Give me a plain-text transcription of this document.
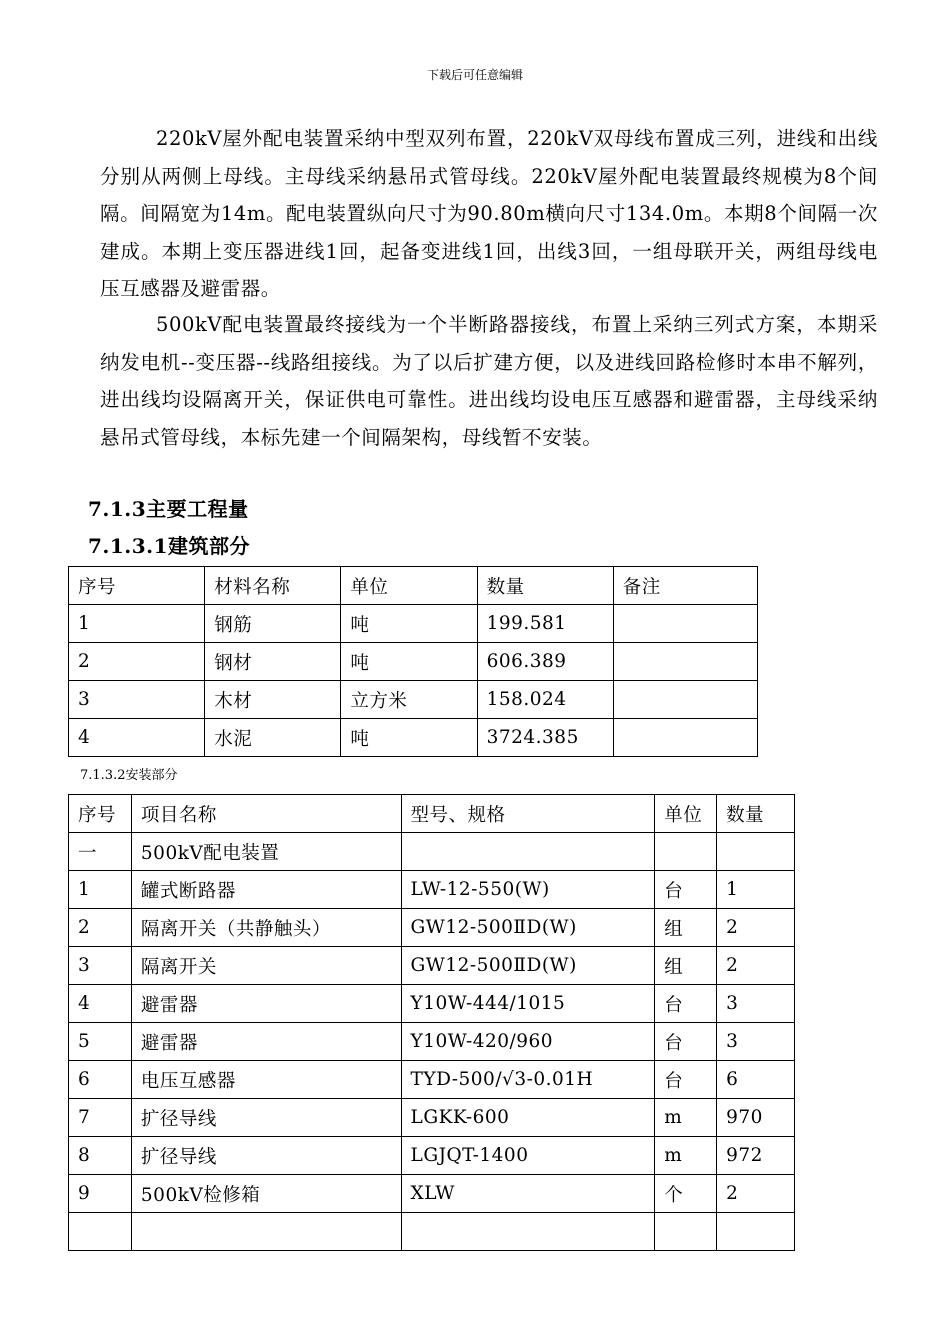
下载后可任意编辑

220kV屋外配电装置采纳中型双列布置，220kV双母线布置成三列，进线和出线分别从两侧上母线。主母线采纳悬吊式管母线。220kV屋外配电装置最终规模为8个间隔。间隔宽为14m。配电装置纵向尺寸为90.80m横向尺寸134.0m。本期8个间隔一次建成。本期上变压器进线1回，起备变进线1回，出线3回，一组母联开关，两组母线电压互感器及避雷器。

500kV配电装置最终接线为一个半断路器接线，布置上采纳三列式方案，本期采纳发电机--变压器--线路组接线。为了以后扩建方便，以及进线回路检修时本串不解列，进出线均设隔离开关，保证供电可靠性。进出线均设电压互感器和避雷器，主母线采纳悬吊式管母线，本标先建一个间隔架构，母线暂不安装。

7.1.3主要工程量
7.1.3.1建筑部分
序号	材料名称	单位	数量	备注
1	钢筋	吨	199.581	
2	钢材	吨	606.389	
3	木材	立方米	158.024	
4	水泥	吨	3724.385	

7.1.3.2安装部分

序号	项目名称	型号、规格	单位	数量
一	500kV配电装置			
1	罐式断路器	LW-12-550(W)	台	1
2	隔离开关（共静触头）	GW12-500ⅡD(W)	组	2
3	隔离开关	GW12-500ⅡD(W)	组	2
4	避雷器	Y10W-444/1015	台	3
5	避雷器	Y10W-420/960	台	3
6	电压互感器	TYD-500/√3-0.01H	台	6
7	扩径导线	LGKK-600	m	970
8	扩径导线	LGJQT-1400	m	972
9	500kV检修箱	XLW	个	2
